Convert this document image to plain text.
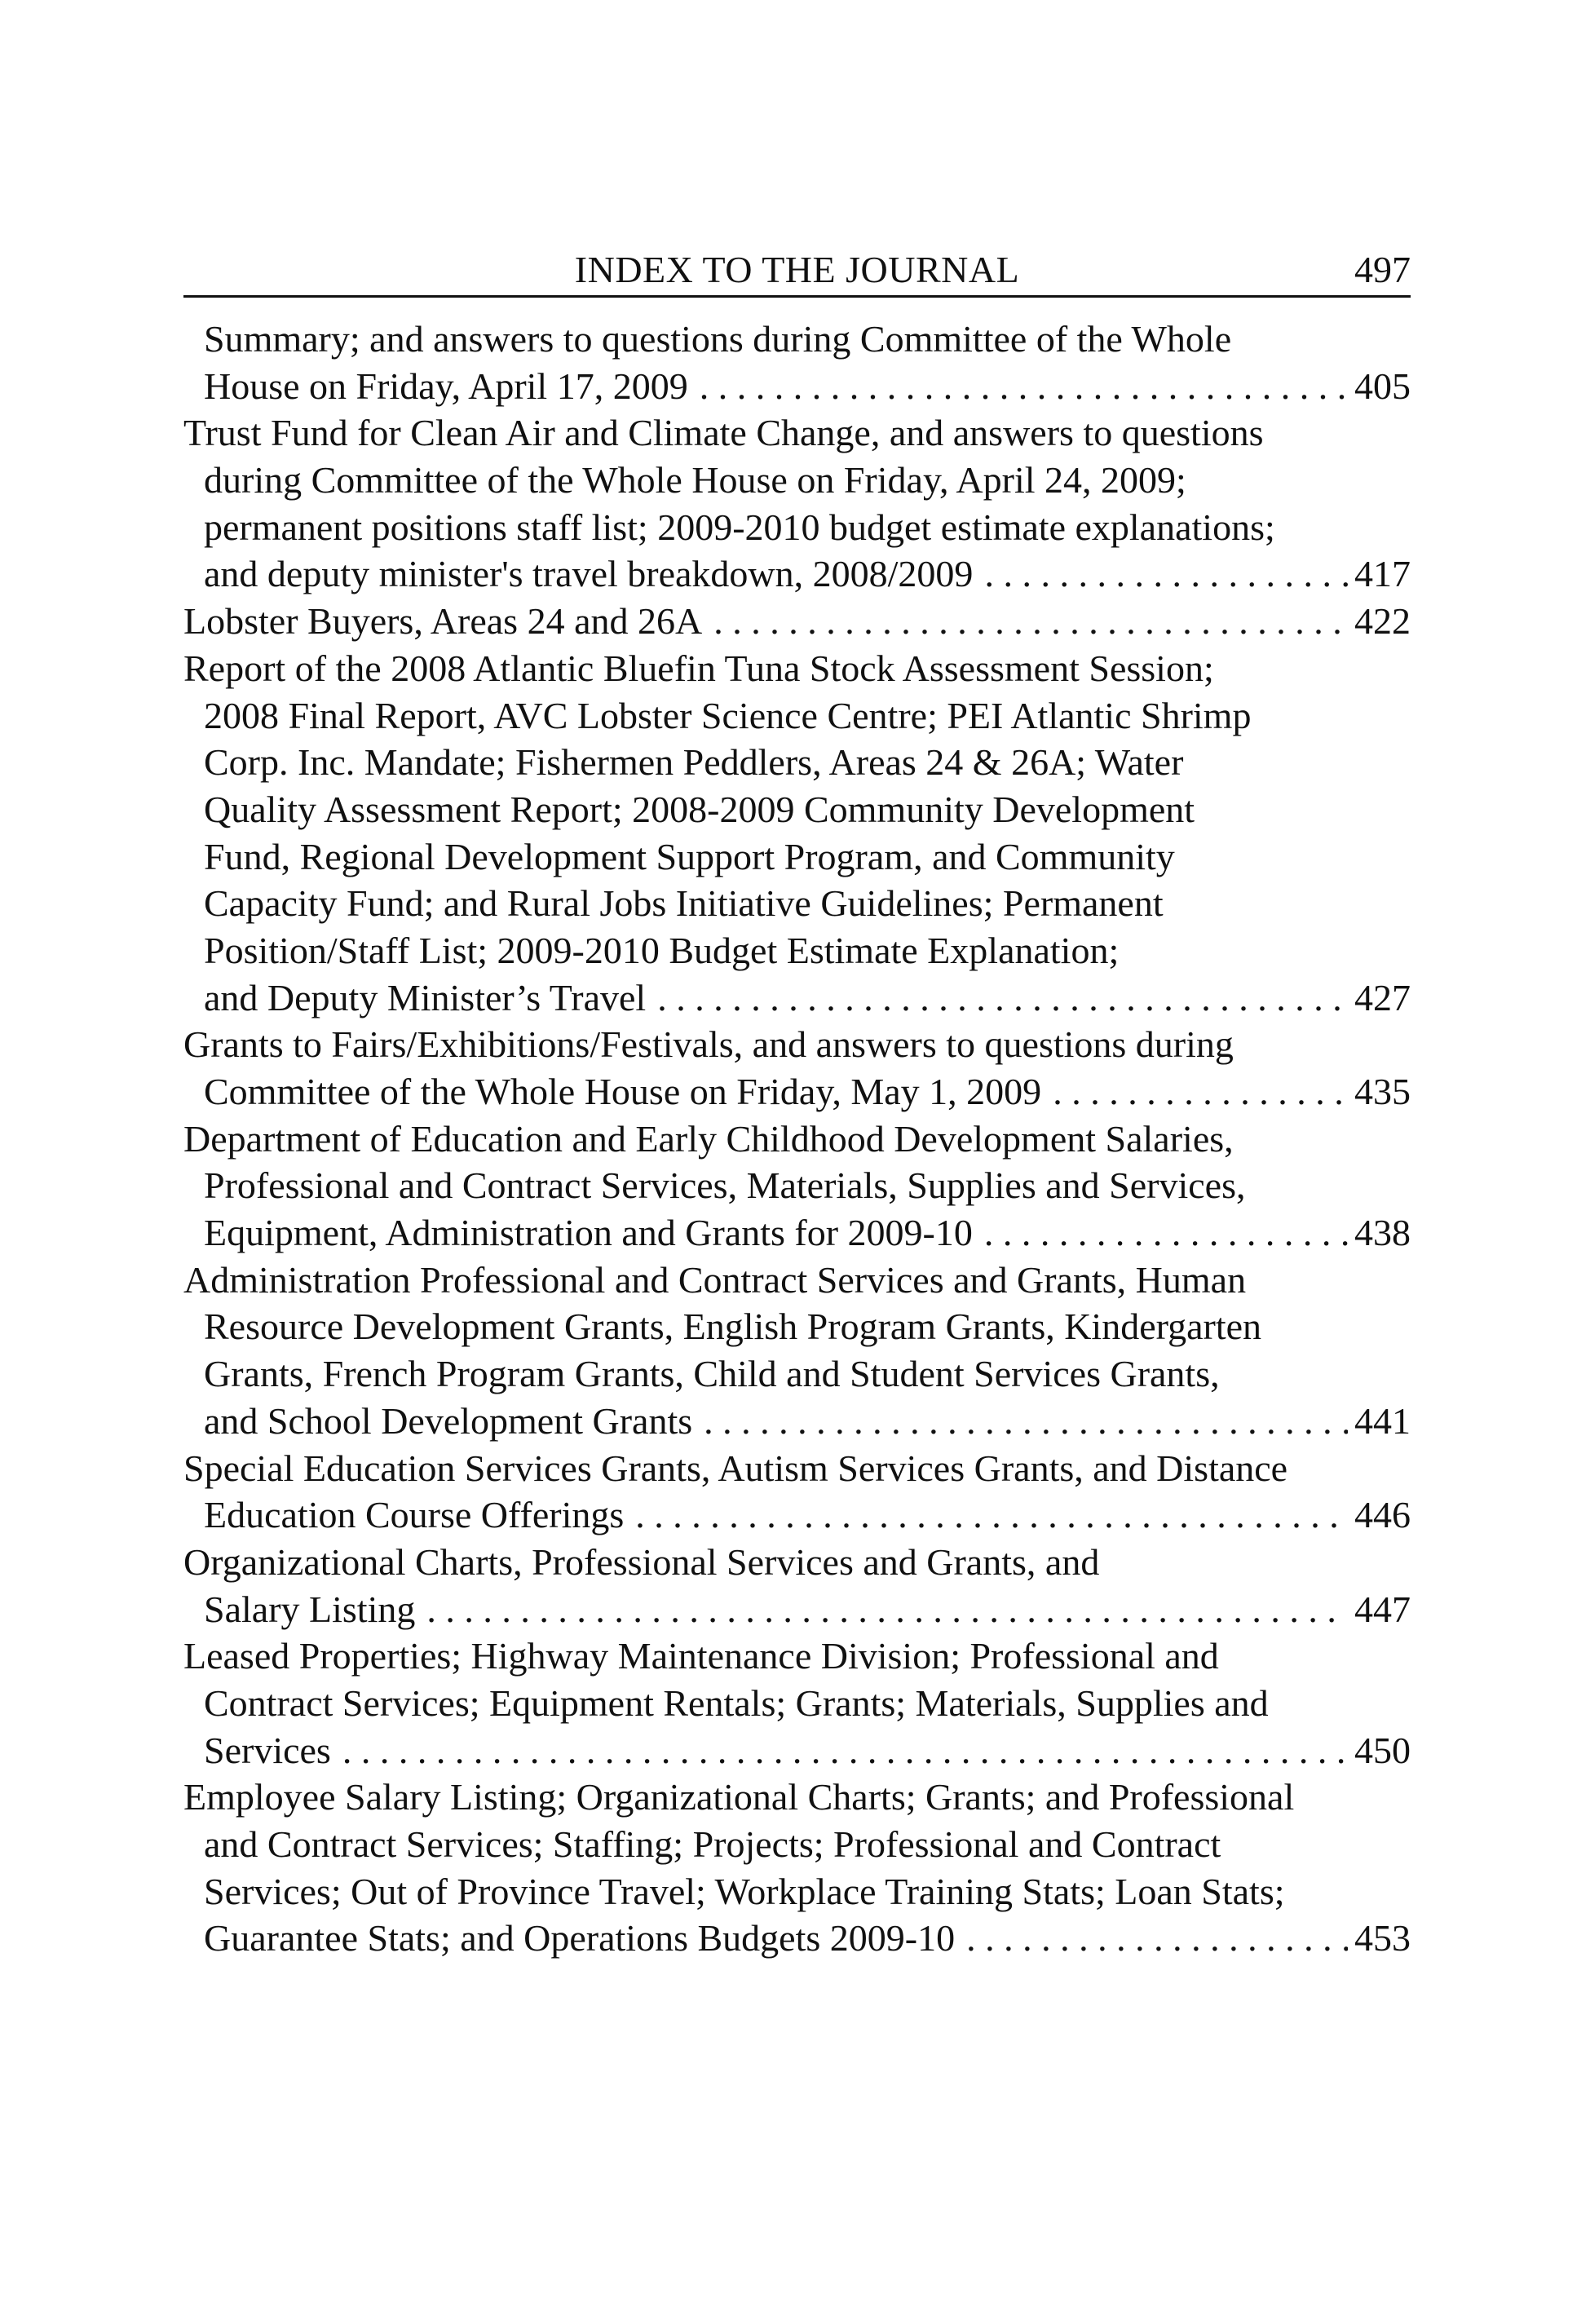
INDEX TO THE JOURNAL	497
Summary; and answers to questions during Committee of the Whole
House on Friday, April 17, 2009 . . .	405
Trust Fund for Clean Air and Climate Change, and answers to questions
during Committee of the Whole House on Friday, April 24, 2009;
permanent positions staff list; 2009-2010 budget estimate explanations;
and deputy minister's travel breakdown, 2008/2009 . . .	417
Lobster Buyers, Areas 24 and 26A . . .	422
Report of the 2008 Atlantic Bluefin Tuna Stock Assessment Session;
2008 Final Report, AVC Lobster Science Centre; PEI Atlantic Shrimp
Corp. Inc. Mandate; Fishermen Peddlers, Areas 24 & 26A; Water
Quality Assessment Report; 2008-2009 Community Development
Fund, Regional Development Support Program, and Community
Capacity Fund; and Rural Jobs Initiative Guidelines; Permanent
Position/Staff List; 2009-2010 Budget Estimate Explanation;
and Deputy Minister’s Travel . . .	427
Grants to Fairs/Exhibitions/Festivals, and answers to questions during
Committee of the Whole House on Friday, May 1, 2009 . . .	435
Department of Education and Early Childhood Development Salaries,
Professional and Contract Services, Materials, Supplies and Services,
Equipment, Administration and Grants for 2009-10 . . .	438
Administration Professional and Contract Services and Grants, Human
Resource Development Grants, English Program Grants, Kindergarten
Grants, French Program Grants, Child and Student Services Grants,
and School Development Grants . . .	441
Special Education Services Grants, Autism Services Grants, and Distance
Education Course Offerings . . .	446
Organizational Charts, Professional Services and Grants, and
Salary Listing . . .	447
Leased Properties; Highway Maintenance Division; Professional and
Contract Services; Equipment Rentals; Grants; Materials, Supplies and
Services . . .	450
Employee Salary Listing; Organizational Charts; Grants; and Professional
and Contract Services; Staffing; Projects; Professional and Contract
Services; Out of Province Travel; Workplace Training Stats; Loan Stats;
Guarantee Stats; and Operations Budgets 2009-10 . . .	453
